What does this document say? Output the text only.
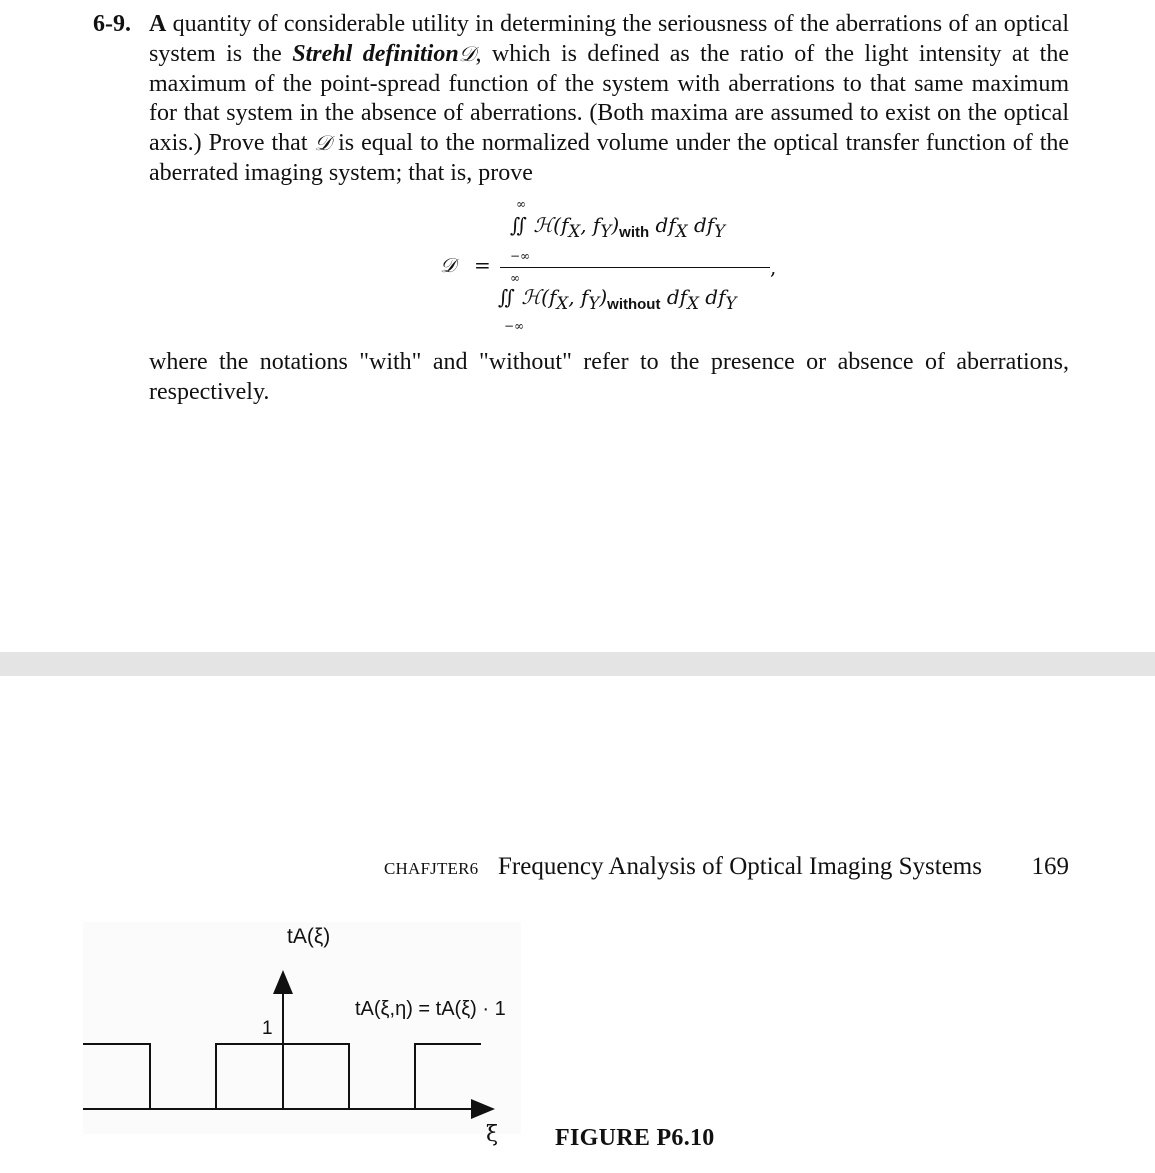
6-9. A quantity of considerable utility in determining the seriousness of the aberrations of an optical system is the Strehl definition𝒟, which is defined as the ratio of the light intensity at the maximum of the point-spread function of the system with aberrations to that same maximum for that system in the absence of aberrations. (Both maxima are assumed to exist on the optical axis.) Prove that 𝒟 is equal to the normalized volume under the optical transfer function of the aberrated imaging system; that is, prove
𝒟 =
∞
∬ $ℋ(f_X$, $f_Y)_{with}$ $df_X$ $df_Y$
−∞	,
∞
∬ $ℋ(f_X$, $f_Y)_{without}$ $df_X$ $df_Y$
−∞
where the notations "with" and "without" refer to the presence or absence of aberrations, respectively.
CHAFJTER6 Frequency Analysis of Optical Imaging Systems 169
tA(ξ)
tA(ξ,η) = tA(ξ) · 1
1
ξ FIGURE P6.10
